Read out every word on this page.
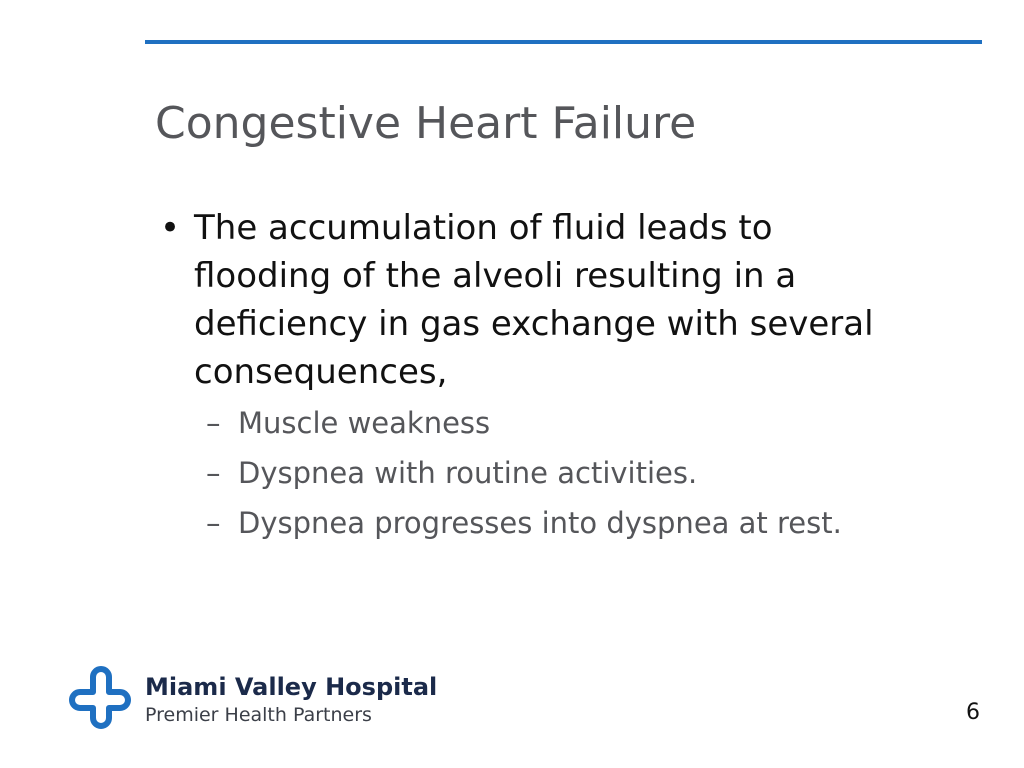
Congestive Heart Failure
• The accumulation of fluid leads to flooding of the alveoli resulting in a deficiency in gas exchange with several consequences,
– Muscle weakness
– Dyspnea with routine activities.
– Dyspnea progresses into dyspnea at rest.
Miami Valley Hospital
Premier Health Partners	6
